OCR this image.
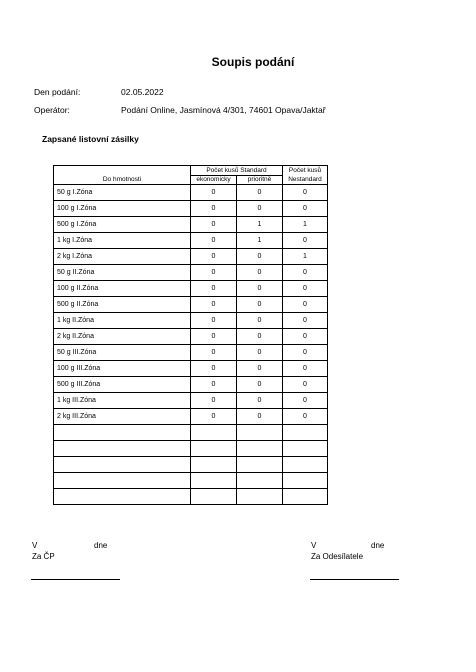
Soupis podání
Den podání:	02.05.2022
Operátor:	Podání Online, Jasmínová 4/301, 74601 Opava/Jaktař
Zapsané listovní zásilky
	Počet kusů Standard		Počet kusů
Do hmotnosti	ekonomicky	prioritně	Nestandard
50 g I.Zóna	0	0	0
100 g I.Zóna	0	0	0
500 g I.Zóna	0	1	1
1 kg I.Zóna	0	1	0
2 kg I.Zóna	0	0	1
50 g II.Zóna	0	0	0
100 g II.Zóna	0	0	0
500 g II.Zóna	0	0	0
1 kg II.Zóna	0	0	0
2 kg II.Zóna	0	0	0
50 g III.Zóna	0	0	0
100 g III.Zóna	0	0	0
500 g III.Zóna	0	0	0
1 kg III.Zóna	0	0	0
2 kg III.Zóna	0	0	0

V	dne
Za ČP
V	dne
Za Odesílatele
